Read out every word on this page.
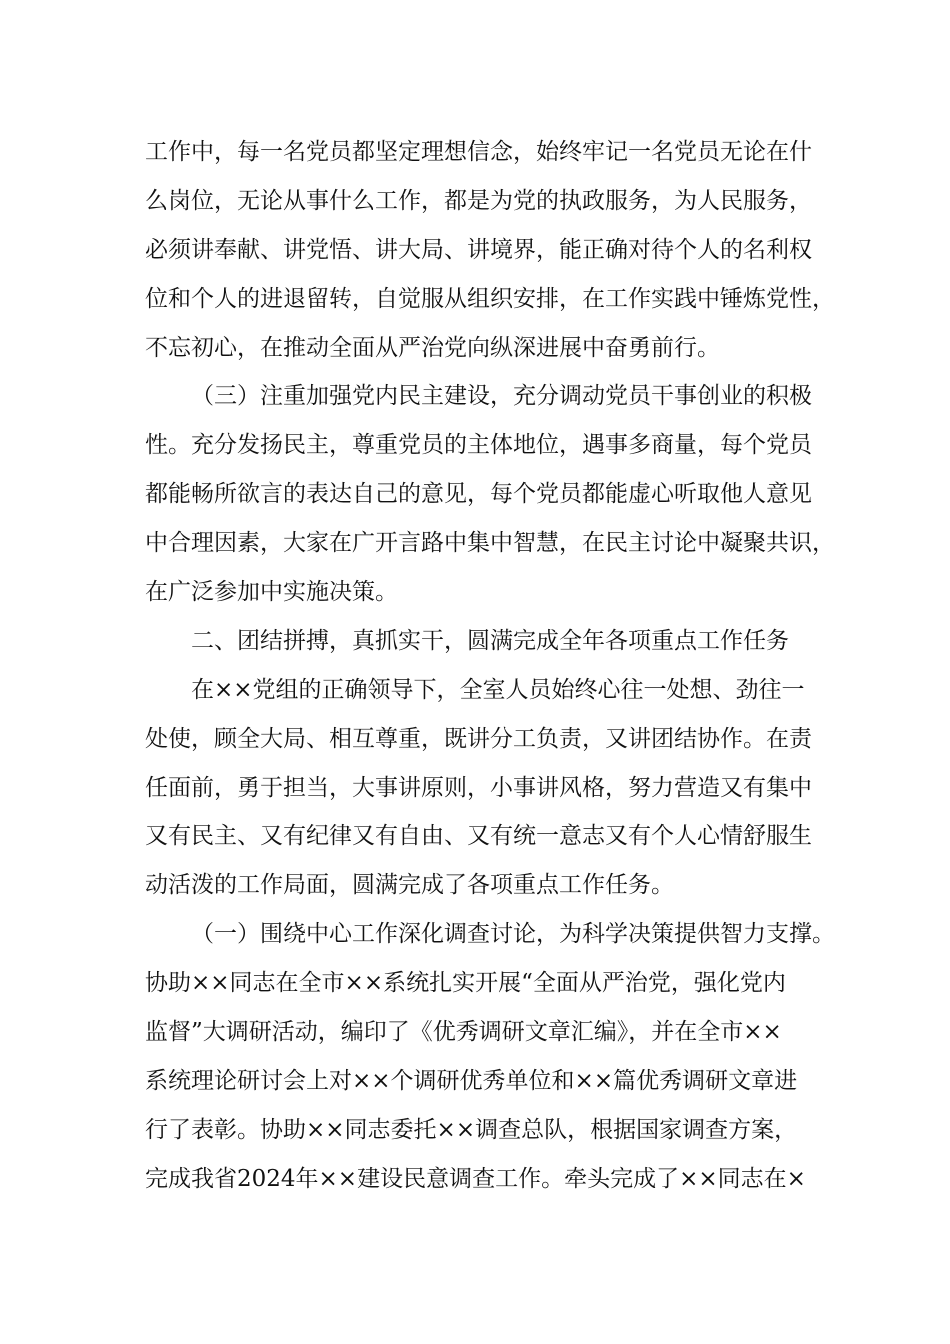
工作中，每一名党员都坚定理想信念，始终牢记一名党员无论在什
么岗位，无论从事什么工作，都是为党的执政服务，为人民服务，
必须讲奉献、讲党悟、讲大局、讲境界，能正确对待个人的名利权
位和个人的进退留转，自觉服从组织安排，在工作实践中锤炼党性，
不忘初心，在推动全面从严治党向纵深进展中奋勇前行。
（三）注重加强党内民主建设，充分调动党员干事创业的积极
性。充分发扬民主，尊重党员的主体地位，遇事多商量，每个党员
都能畅所欲言的表达自己的意见，每个党员都能虚心听取他人意见
中合理因素，大家在广开言路中集中智慧，在民主讨论中凝聚共识，
在广泛参加中实施决策。
二、团结拼搏，真抓实干，圆满完成全年各项重点工作任务
在××党组的正确领导下，全室人员始终心往一处想、劲往一
处使，顾全大局、相互尊重，既讲分工负责，又讲团结协作。在责
任面前，勇于担当，大事讲原则，小事讲风格，努力营造又有集中
又有民主、又有纪律又有自由、又有统一意志又有个人心情舒服生
动活泼的工作局面，圆满完成了各项重点工作任务。
（一）围绕中心工作深化调查讨论，为科学决策提供智力支撑。
协助××同志在全市××系统扎实开展“全面从严治党，强化党内
监督”大调研活动，编印了《优秀调研文章汇编》，并在全市××
系统理论研讨会上对××个调研优秀单位和××篇优秀调研文章进
行了表彰。协助××同志委托××调查总队，根据国家调查方案，
完成我省2024年××建设民意调查工作。牵头完成了××同志在×
